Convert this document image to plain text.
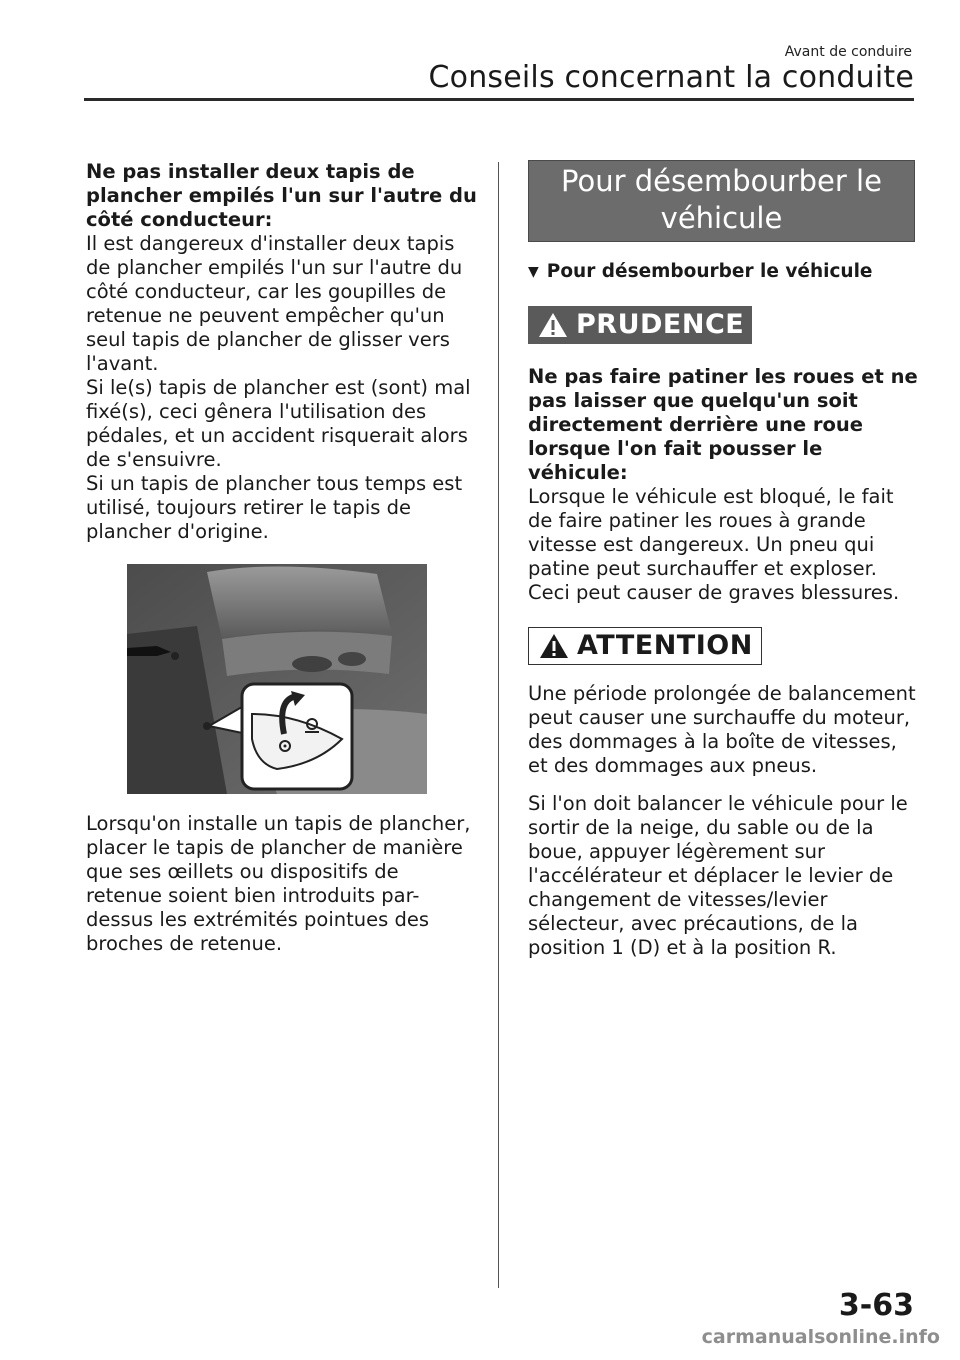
Avant de conduire
Conseils concernant la conduite

Ne pas installer deux tapis de plancher empilés l'un sur l'autre du côté conducteur:

Il est dangereux d'installer deux tapis de plancher empilés l'un sur l'autre du côté conducteur, car les goupilles de retenue ne peuvent empêcher qu'un seul tapis de plancher de glisser vers l'avant.

Si le(s) tapis de plancher est (sont) mal fixé(s), ceci gênera l'utilisation des pédales, et un accident risquerait alors de s'ensuivre.

Si un tapis de plancher tous temps est utilisé, toujours retirer le tapis de plancher d'origine.

Lorsqu'on installe un tapis de plancher, placer le tapis de plancher de manière que ses œillets ou dispositifs de retenue soient bien introduits par-dessus les extrémités pointues des broches de retenue.

Pour désembourber le véhicule
▼ Pour désembourber le véhicule
PRUDENCE

Ne pas faire patiner les roues et ne pas laisser que quelqu'un soit directement derrière une roue lorsque l'on fait pousser le véhicule:

Lorsque le véhicule est bloqué, le fait de faire patiner les roues à grande vitesse est dangereux. Un pneu qui patine peut surchauffer et exploser. Ceci peut causer de graves blessures.

ATTENTION

Une période prolongée de balancement peut causer une surchauffe du moteur, des dommages à la boîte de vitesses, et des dommages aux pneus.

Si l'on doit balancer le véhicule pour le sortir de la neige, du sable ou de la boue, appuyer légèrement sur l'accélérateur et déplacer le levier de changement de vitesses/levier sélecteur, avec précautions, de la position 1 (D) et à la position R.

3-63
carmanualsonline.info
